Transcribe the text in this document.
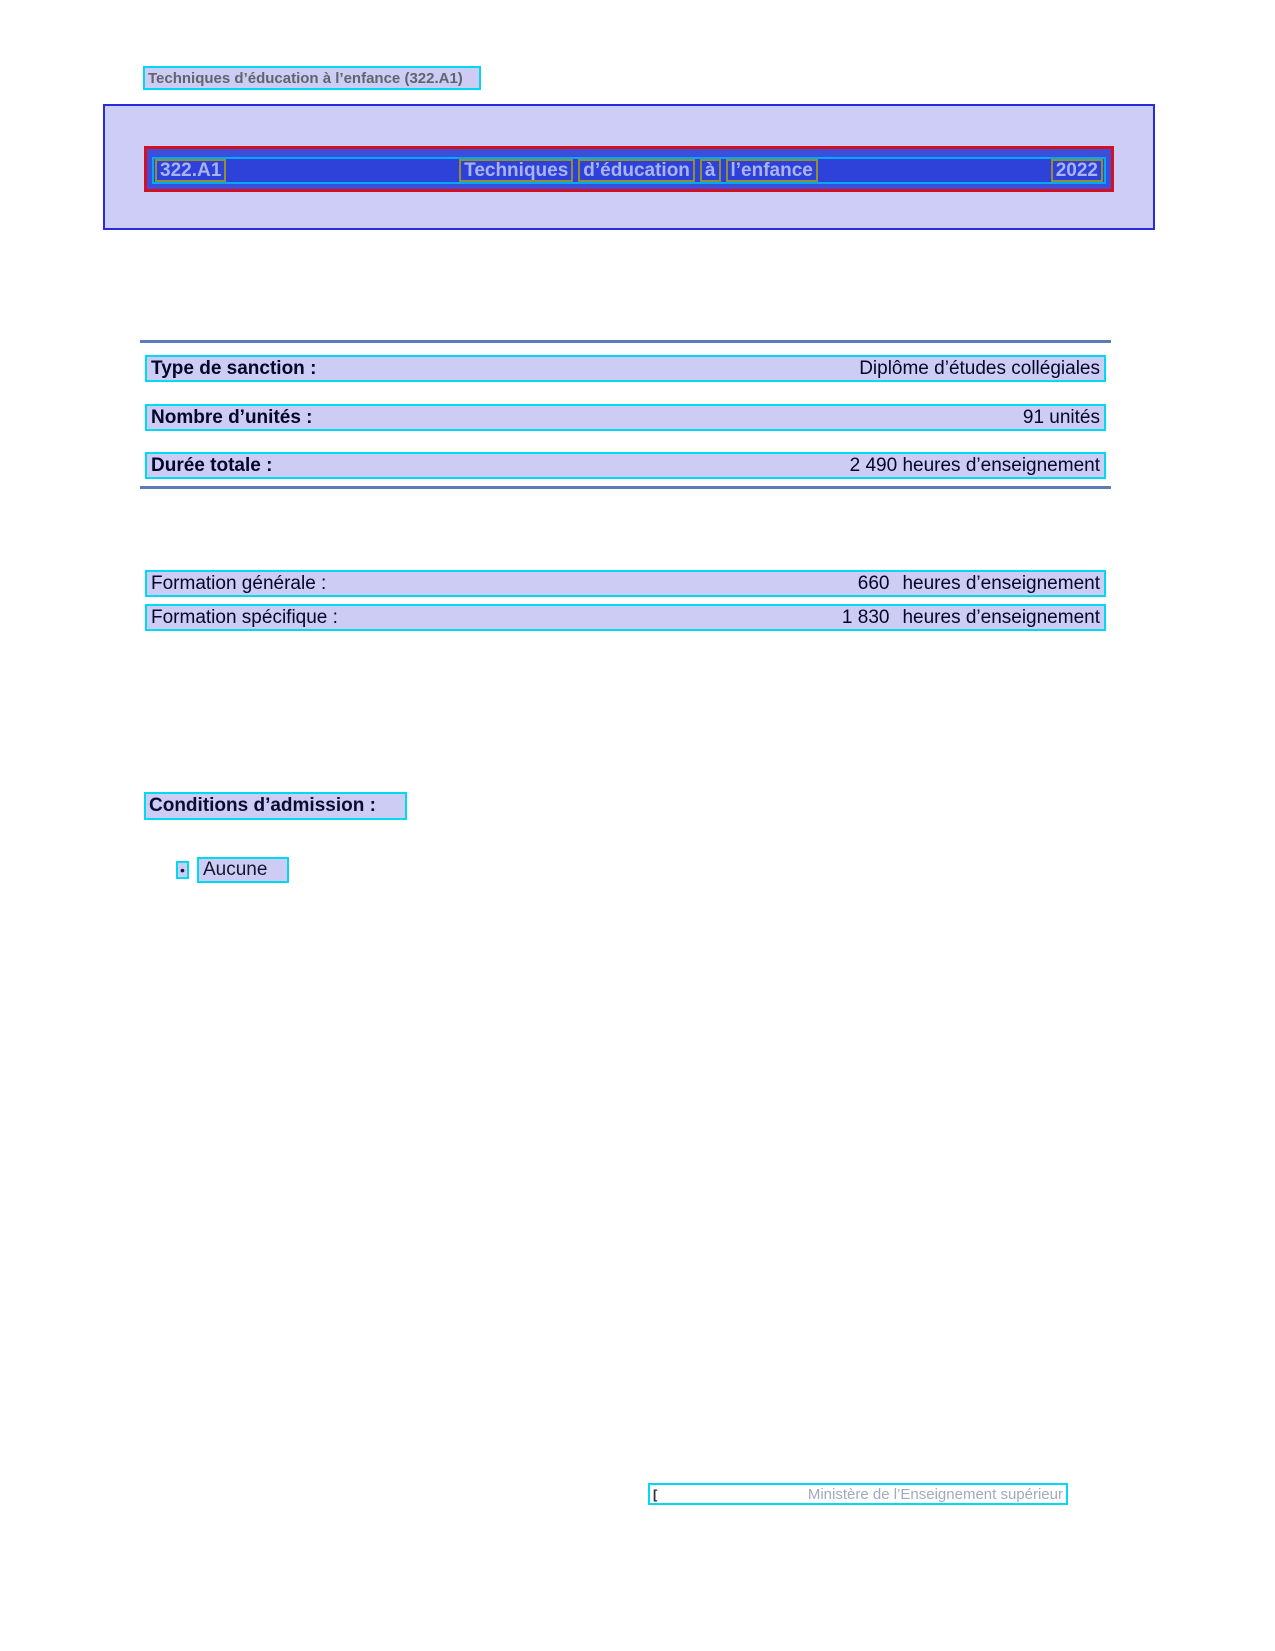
Techniques d’éducation à l’enfance (322.A1)
322.A1	Techniques d’éducation à l’enfance	2022
Type de sanction :	Diplôme d’études collégiales
Nombre d’unités :	91 unités
Durée totale :	2 490 heures d’enseignement
Formation générale :	660 heures d’enseignement
Formation spécifique :	1 830 heures d’enseignement
Conditions d’admission :
• Aucune
[	Ministère de l’Enseignement supérieur
